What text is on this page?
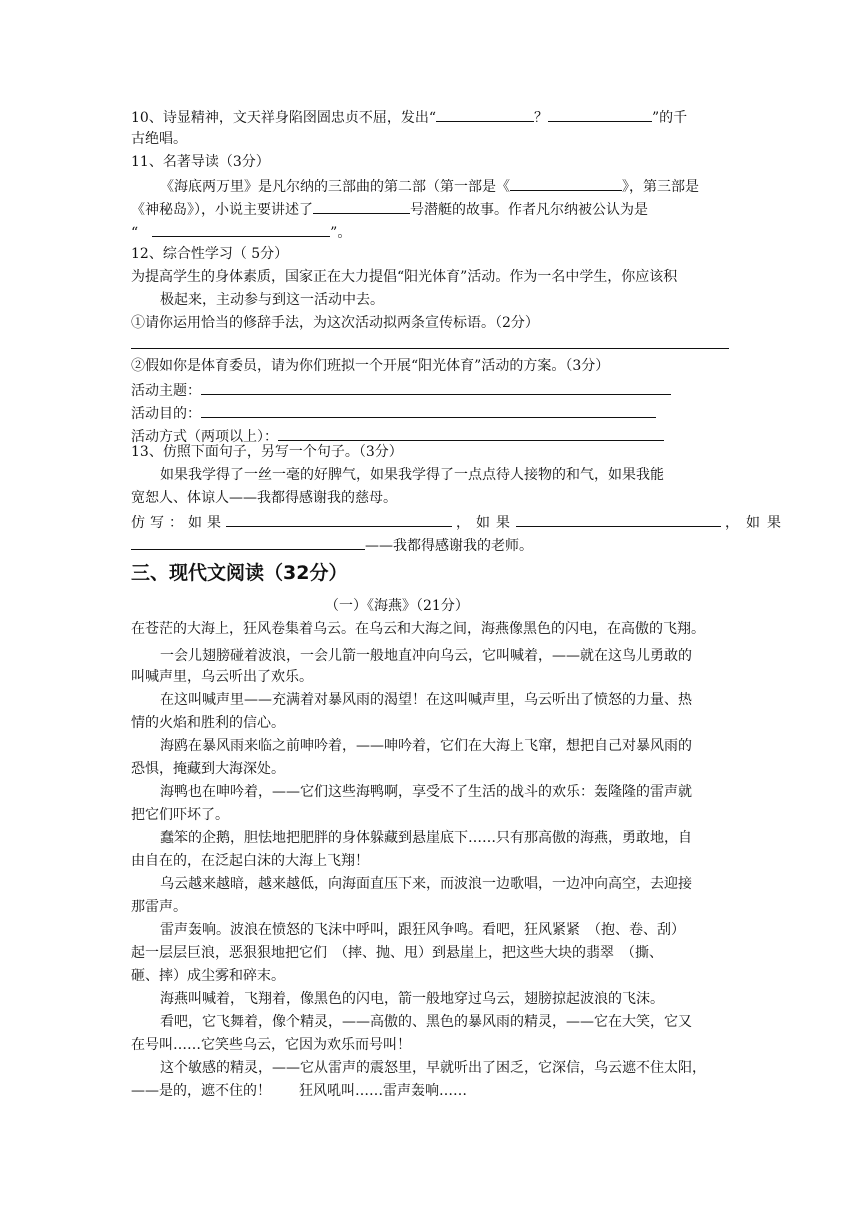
10、诗显精神，文天祥身陷囹圄忠贞不屈，发出“	？	”的千
古绝唱。
11、名著导读（3分）
《海底两万里》是凡尔纳的三部曲的第二部（第一部是《	》，第三部是
《神秘岛》），小说主要讲述了	号潜艇的故事。作者凡尔纳被公认为是
“	”。
12、综合性学习（ 5分）
为提高学生的身体素质，国家正在大力提倡“阳光体育”活动。作为一名中学生，你应该积
极起来，主动参与到这一活动中去。
①请你运用恰当的修辞手法，为这次活动拟两条宣传标语。（2分）
②假如你是体育委员，请为你们班拟一个开展“阳光体育”活动的方案。（3分）
活动主题：
活动目的：
活动方式（两项以上）：
13、仿照下面句子，另写一个句子。（3分）
如果我学得了一丝一毫的好脾气，如果我学得了一点点待人接物的和气，如果我能
宽恕人、体谅人——我都得感谢我的慈母。
仿写：如果	，如果	，如果
——我都得感谢我的老师。
三、现代文阅读（32分）
（一）《海燕》（21分）
在苍茫的大海上，狂风卷集着乌云。在乌云和大海之间，海燕像黑色的闪电，在高傲的飞翔。
一会儿翅膀碰着波浪，一会儿箭一般地直冲向乌云，它叫喊着，——就在这鸟儿勇敢的
叫喊声里，乌云听出了欢乐。
在这叫喊声里——充满着对暴风雨的渴望！在这叫喊声里，乌云听出了愤怒的力量、热
情的火焰和胜利的信心。
海鸥在暴风雨来临之前呻吟着，——呻吟着，它们在大海上飞窜，想把自己对暴风雨的
恐惧，掩藏到大海深处。
海鸭也在呻吟着，——它们这些海鸭啊，享受不了生活的战斗的欢乐：轰隆隆的雷声就
把它们吓坏了。
蠢笨的企鹅，胆怯地把肥胖的身体躲藏到悬崖底下……只有那高傲的海燕，勇敢地，自
由自在的，在泛起白沫的大海上飞翔！
乌云越来越暗，越来越低，向海面直压下来，而波浪一边歌唱，一边冲向高空，去迎接
那雷声。
雷声轰响。波浪在愤怒的飞沫中呼叫，跟狂风争鸣。看吧，狂风紧紧　（抱、卷、刮）
起一层层巨浪，恶狠狠地把它们　（摔、抛、甩）到悬崖上，把这些大块的翡翠　（撕、
砸、摔）成尘雾和碎末。
海燕叫喊着，飞翔着，像黑色的闪电，箭一般地穿过乌云，翅膀掠起波浪的飞沫。
看吧，它飞舞着，像个精灵，——高傲的、黑色的暴风雨的精灵，——它在大笑，它又
在号叫……它笑些乌云，它因为欢乐而号叫！
这个敏感的精灵，——它从雷声的震怒里，早就听出了困乏，它深信，乌云遮不住太阳，
——是的，遮不住的！　　狂风吼叫……雷声轰响……
